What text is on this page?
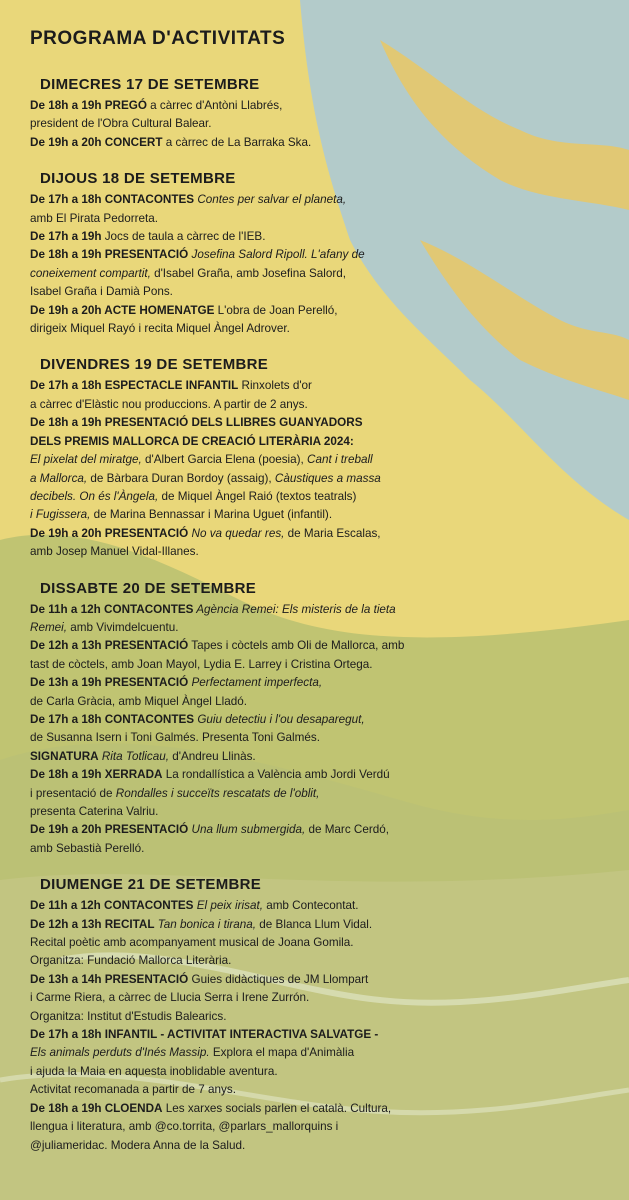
PROGRAMA D'ACTIVITATS
DIMECRES 17 DE SETEMBRE
De 18h a 19h PREGÓ a càrrec d'Antòni Llabrés,
president de l'Obra Cultural Balear.
De 19h a 20h CONCERT a càrrec de La Barraka Ska.
DIJOUS 18 DE SETEMBRE
De 17h a 18h CONTACONTES Contes per salvar el planeta,
amb El Pirata Pedorreta.
De 17h a 19h Jocs de taula a càrrec de l'IEB.
De 18h a 19h PRESENTACIÓ Josefina Salord Ripoll. L'afany de
coneixement compartit, d'Isabel Graña, amb Josefina Salord,
Isabel Graña i Damià Pons.
De 19h a 20h ACTE HOMENATGE L'obra de Joan Perelló,
dirigeix Miquel Rayó i recita Miquel Àngel Adrover.
DIVENDRES 19 DE SETEMBRE
De 17h a 18h ESPECTACLE INFANTIL Rinxolets d'or
a càrrec d'Elàstic nou produccions. A partir de 2 anys.
De 18h a 19h PRESENTACIÓ DELS LLIBRES GUANYADORS
DELS PREMIS MALLORCA DE CREACIÓ LITERÀRIA 2024:
El pixelat del miratge, d'Albert Garcia Elena (poesia), Cant i treball
a Mallorca, de Bàrbara Duran Bordoy (assaig), Càustiques a massa
decibels. On és l'Àngela, de Miquel Àngel Raió (textos teatrals)
i Fugissera, de Marina Bennassar i Marina Uguet (infantil).
De 19h a 20h PRESENTACIÓ No va quedar res, de Maria Escalas,
amb Josep Manuel Vidal-Illanes.
DISSABTE 20 DE SETEMBRE
De 11h a 12h CONTACONTES Agència Remei: Els misteris de la tieta
Remei, amb Vivimdelcuentu.
De 12h a 13h PRESENTACIÓ Tapes i còctels amb Oli de Mallorca, amb
tast de còctels, amb Joan Mayol, Lydia E. Larrey i Cristina Ortega.
De 13h a 19h PRESENTACIÓ Perfectament imperfecta,
de Carla Gràcia, amb Miquel Àngel Lladó.
De 17h a 18h CONTACONTES Guiu detectiu i l'ou desaparegut,
de Susanna Isern i Toni Galmés. Presenta Toni Galmés.
SIGNATURA Rita Totlicau, d'Andreu Llinàs.
De 18h a 19h XERRADA La rondallística a València amb Jordi Verdú
i presentació de Rondalles i succeïts rescatats de l'oblit,
presenta Caterina Valriu.
De 19h a 20h PRESENTACIÓ Una llum submergida, de Marc Cerdó,
amb Sebastià Perelló.
DIUMENGE 21 DE SETEMBRE
De 11h a 12h CONTACONTES El peix irisat, amb Contecontat.
De 12h a 13h RECITAL Tan bonica i tirana, de Blanca Llum Vidal.
Recital poètic amb acompanyament musical de Joana Gomila.
Organitza: Fundació Mallorca Literària.
De 13h a 14h PRESENTACIÓ Guies didàctiques de JM Llompart
i Carme Riera, a càrrec de Llucia Serra i Irene Zurrón.
Organitza: Institut d'Estudis Balearics.
De 17h a 18h INFANTIL - ACTIVITAT INTERACTIVA SALVATGE -
Els animals perduts d'Inés Massip. Explora el mapa d'Animàlia
i ajuda la Maia en aquesta inoblidable aventura.
Activitat recomanada a partir de 7 anys.
De 18h a 19h CLOENDA Les xarxes socials parlen el català. Cultura,
llengua i literatura, amb @co.torrita, @parlars_mallorquins i
@juliameridac. Modera Anna de la Salud.
